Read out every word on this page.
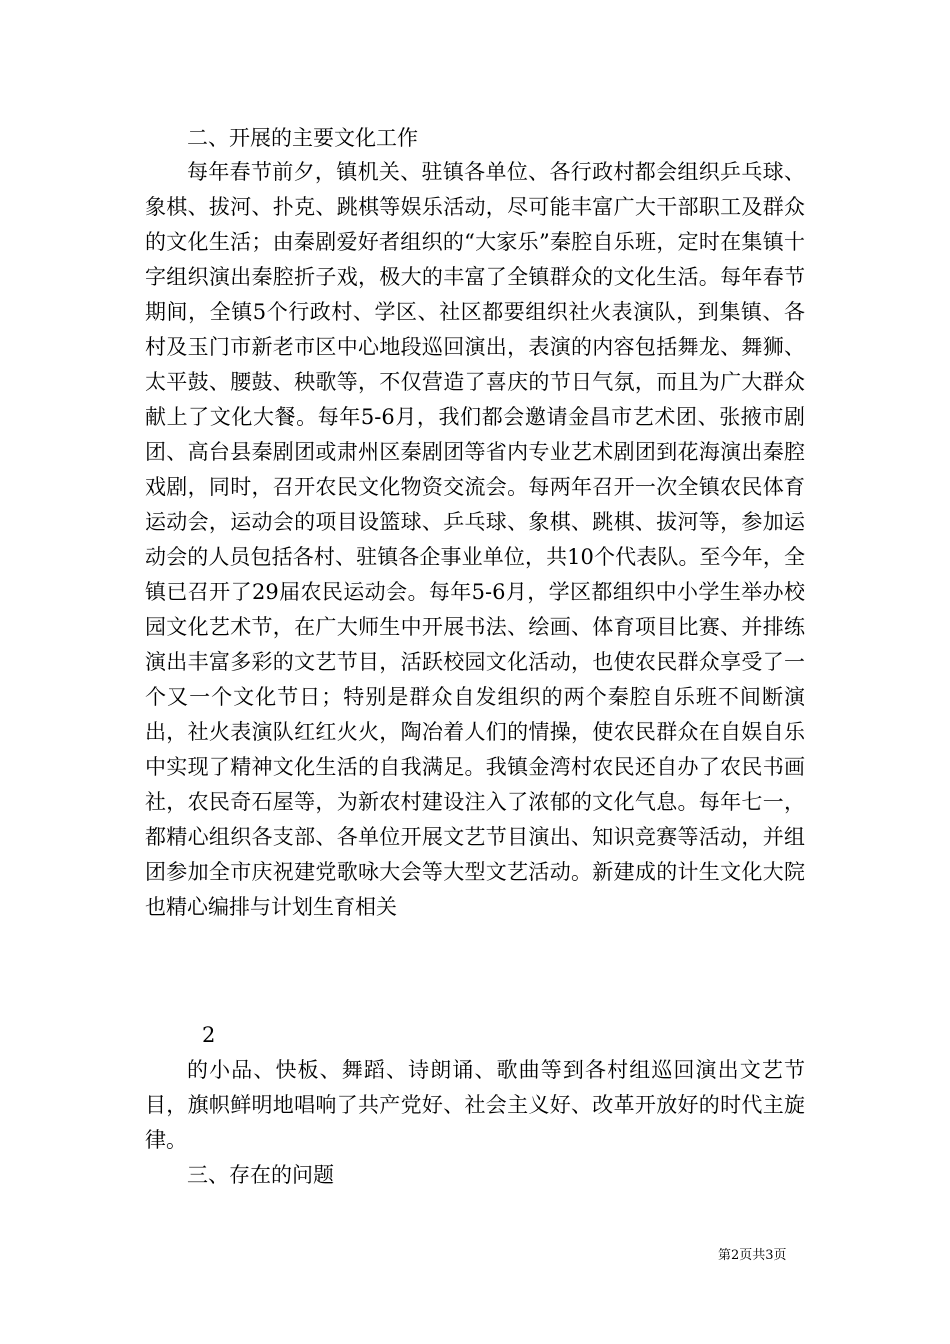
二、开展的主要文化工作

每年春节前夕，镇机关、驻镇各单位、各行政村都会组织乒乓球、象棋、拔河、扑克、跳棋等娱乐活动，尽可能丰富广大干部职工及群众的文化生活；由秦剧爱好者组织的“大家乐”秦腔自乐班，定时在集镇十字组织演出秦腔折子戏，极大的丰富了全镇群众的文化生活。每年春节期间，全镇5个行政村、学区、社区都要组织社火表演队，到集镇、各村及玉门市新老市区中心地段巡回演出，表演的内容包括舞龙、舞狮、太平鼓、腰鼓、秧歌等，不仅营造了喜庆的节日气氛，而且为广大群众献上了文化大餐。每年5-6月，我们都会邀请金昌市艺术团、张掖市剧团、高台县秦剧团或肃州区秦剧团等省内专业艺术剧团到花海演出秦腔戏剧，同时，召开农民文化物资交流会。每两年召开一次全镇农民体育运动会，运动会的项目设篮球、乒乓球、象棋、跳棋、拔河等，参加运动会的人员包括各村、驻镇各企事业单位，共10个代表队。至今年，全镇已召开了29届农民运动会。每年5-6月，学区都组织中小学生举办校园文化艺术节，在广大师生中开展书法、绘画、体育项目比赛、并排练演出丰富多彩的文艺节目，活跃校园文化活动，也使农民群众享受了一个又一个文化节日；特别是群众自发组织的两个秦腔自乐班不间断演出，社火表演队红红火火，陶冶着人们的情操，使农民群众在自娱自乐中实现了精神文化生活的自我满足。我镇金湾村农民还自办了农民书画社，农民奇石屋等，为新农村建设注入了浓郁的文化气息。每年七一，都精心组织各支部、各单位开展文艺节目演出、知识竞赛等活动，并组团参加全市庆祝建党歌咏大会等大型文艺活动。新建成的计生文化大院也精心编排与计划生育相关

2

的小品、快板、舞蹈、诗朗诵、歌曲等到各村组巡回演出文艺节目，旗帜鲜明地唱响了共产党好、社会主义好、改革开放好的时代主旋律。

三、存在的问题
第2页共3页
